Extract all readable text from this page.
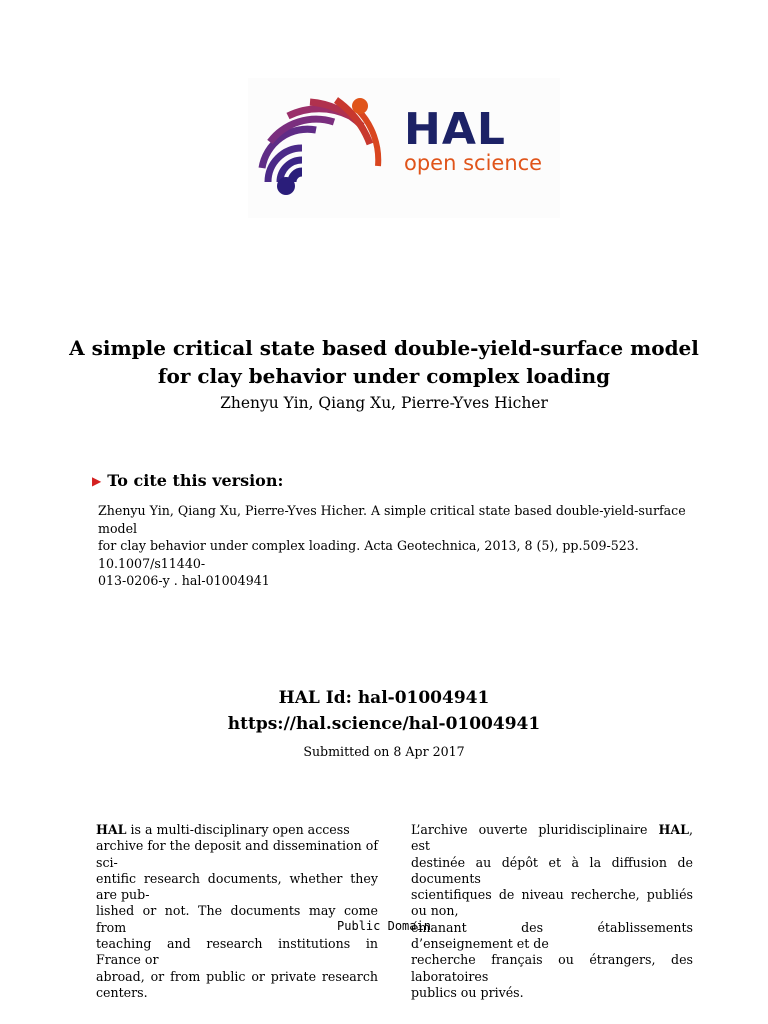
HAL
open science
A simple critical state based double-yield-surface model
for clay behavior under complex loading
Zhenyu Yin, Qiang Xu, Pierre-Yves Hicher
▶ To cite this version:
Zhenyu Yin, Qiang Xu, Pierre-Yves Hicher. A simple critical state based double-yield-surface model
for clay behavior under complex loading. Acta Geotechnica, 2013, 8 (5), pp.509-523. 10.1007/s11440-
013-0206-y . hal-01004941
HAL Id: hal-01004941
https://hal.science/hal-01004941
Submitted on 8 Apr 2017
HAL is a multi-disciplinary open access
archive for the deposit and dissemination of sci-
entific research documents, whether they are pub-
lished or not. The documents may come from
teaching and research institutions in France or
abroad, or from public or private research centers.
L’archive ouverte pluridisciplinaire HAL, est
destinée au dépôt et à la diffusion de documents
scientifiques de niveau recherche, publiés ou non,
émanant des établissements d’enseignement et de
recherche français ou étrangers, des laboratoires
publics ou privés.
Public Domain
